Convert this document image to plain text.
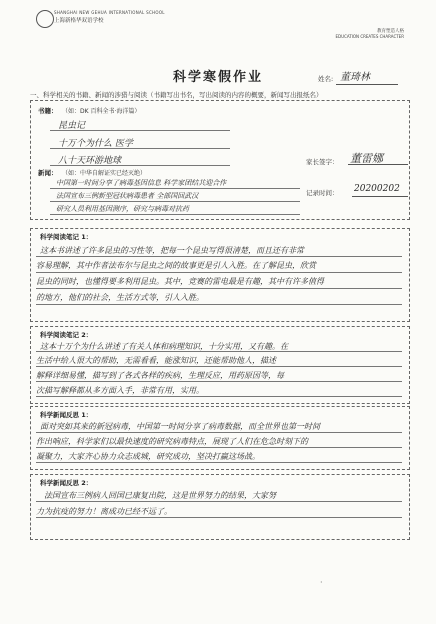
SHANGHAI NEW GEHUA INTERNATIONAL SCHOOL
上海新格华双语学校
教育塑造人格
EDUCATION CREATES CHARACTER
科学寒假作业	姓名: 董琦林
一、科学相关的书籍、新闻的涉猎与阅读（书籍写出书名，写出阅读的内容的概要，新闻写出报纸名）
书籍： （如：DK 百科全书·海洋篇）
昆虫记
十万个为什么 医学
八十天环游地球
新闻： （如：中华自解证实已经灭绝）
中国第一时间分享了病毒基因信息 科学家团结共迎合作
法国宣布三例新型冠状病毒患者 全部国回武汉
研究人员利用基因测序，研究与病毒对抗药
家长签字： 董雷娜
记录时间： 20200202
科学阅读笔记 1：
这本书讲述了许多昆虫的习性等，把每一个昆虫写得很清楚，而且还有非常
容易理解，其中作者法布尔与昆虫之间的故事更是引人入胜。在了解昆虫，欣赏
昆虫的同时，也懂得要多利用昆虫。其中，竞赛的雷电最是有趣，其中有许多值得
的地方，他们的社会，生活方式等，引人入胜。
科学阅读笔记 2：
这本十万个为什么讲述了有关人体和病理知识，十分实用，又有趣。在
生活中给人很大的帮助，无需看看，能涨知识，还能帮助他人，描述
解释详细易懂，描写到了各式各样的疾病，生理反应，用药原因等，每
次描写解释都从多方面入手，非常有用，实用。
科学新闻反思 1：
面对突如其来的新冠病毒，中国第一时间分享了病毒数据，而全世界也第一时间
作出响应，科学家们以最快速度的研究病毒特点，展现了人们在危急时刻下的
凝聚力，大家齐心协力众志成城，研究成功，坚决打赢这场战。
科学新闻反思 2：
法国宣布三例病人回国已康复出院，这是世界努力的结果，大家努
力为抗疫的努力！离成功已经不远了。
·
